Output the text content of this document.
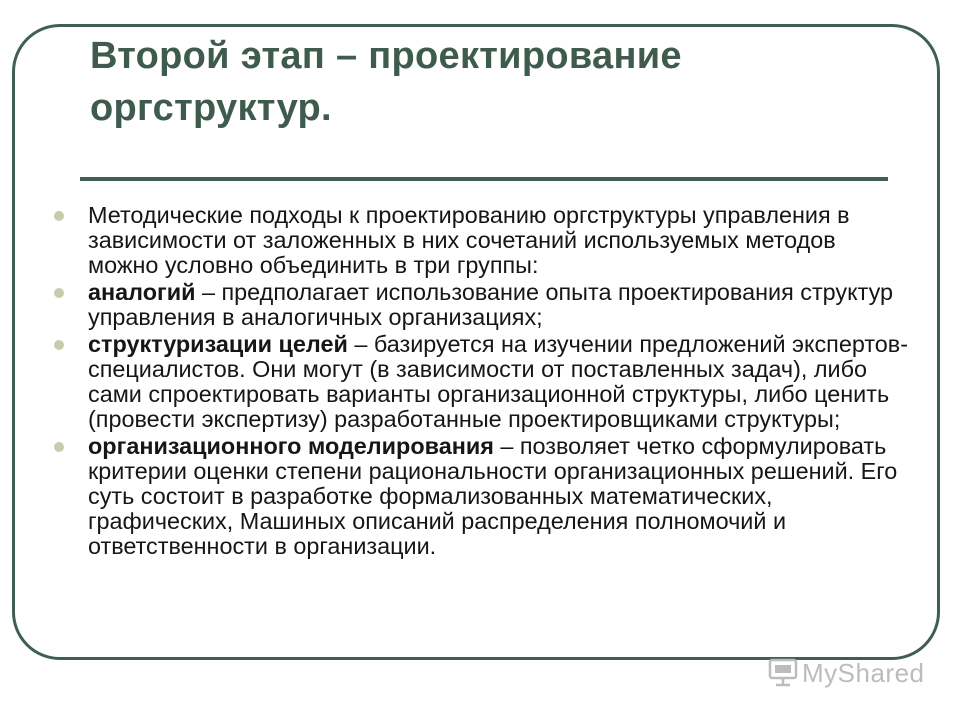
Второй этап – проектирование оргструктур.
Методические подходы к проектированию оргструктуры управления в зависимости от заложенных в них сочетаний используемых методов можно условно объединить в три группы:
аналогий – предполагает использование опыта проектирования структур управления в аналогичных организациях;
структуризации целей – базируется на изучении предложений экспертов-специалистов. Они могут (в зависимости от поставленных задач), либо сами спроектировать варианты организационной структуры, либо ценить (провести экспертизу) разработанные проектировщиками структуры;
организационного моделирования – позволяет четко сформулировать критерии оценки степени рациональности организационных решений. Его суть состоит в разработке формализованных математических, графических, Машиных описаний распределения полномочий и ответственности в организации.
MyShared
